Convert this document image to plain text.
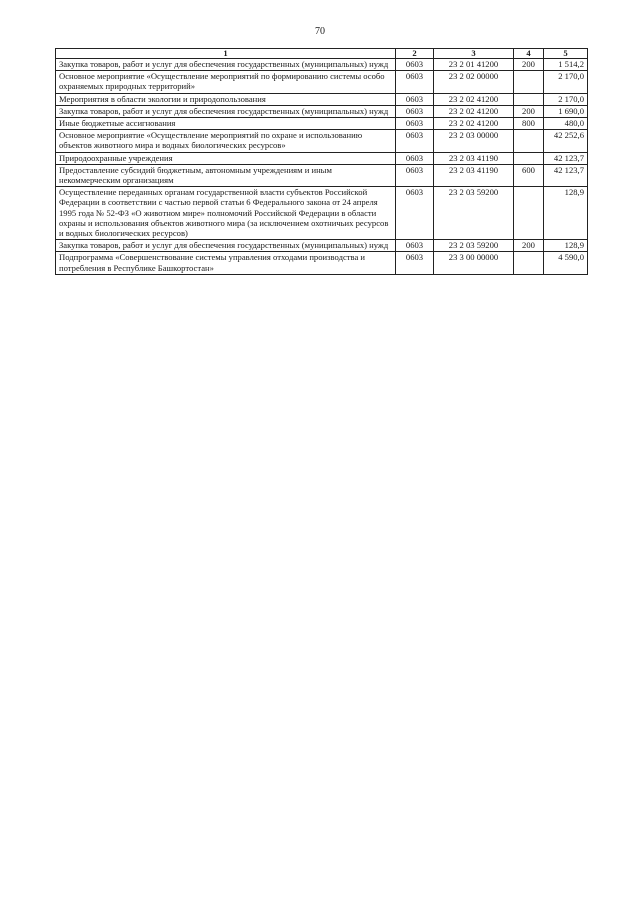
70
1	2	3	4	5
Закупка товаров, работ и услуг для обеспечения государственных (муниципальных) нужд	0603	23 2 01 41200	200	1 514,2
Основное мероприятие «Осуществление мероприятий по формированию системы особо охраняемых природных территорий»	0603	23 2 02 00000		2 170,0
Мероприятия в области экологии и природопользования	0603	23 2 02 41200		2 170,0
Закупка товаров, работ и услуг для обеспечения государственных (муниципальных) нужд	0603	23 2 02 41200	200	1 690,0
Иные бюджетные ассигнования	0603	23 2 02 41200	800	480,0
Основное мероприятие «Осуществление мероприятий по охране и использованию объектов животного мира и водных биологических ресурсов»	0603	23 2 03 00000		42 252,6
Природоохранные учреждения	0603	23 2 03 41190		42 123,7
Предоставление субсидий бюджетным, автономным учреждениям и иным некоммерческим организациям	0603	23 2 03 41190	600	42 123,7
Осуществление переданных органам государственной власти субъектов Российской Федерации в соответствии с частью первой статьи 6 Федерального закона от 24 апреля 1995 года № 52-ФЗ «О животном мире» полномочий Российской Федерации в области охраны и использования объектов животного мира (за исключением охотничьих ресурсов и водных биологических ресурсов)	0603	23 2 03 59200		128,9
Закупка товаров, работ и услуг для обеспечения государственных (муниципальных) нужд	0603	23 2 03 59200	200	128,9
Подпрограмма «Совершенствование системы управления отходами производства и потребления в Республике Башкортостан»	0603	23 3 00 00000		4 590,0
